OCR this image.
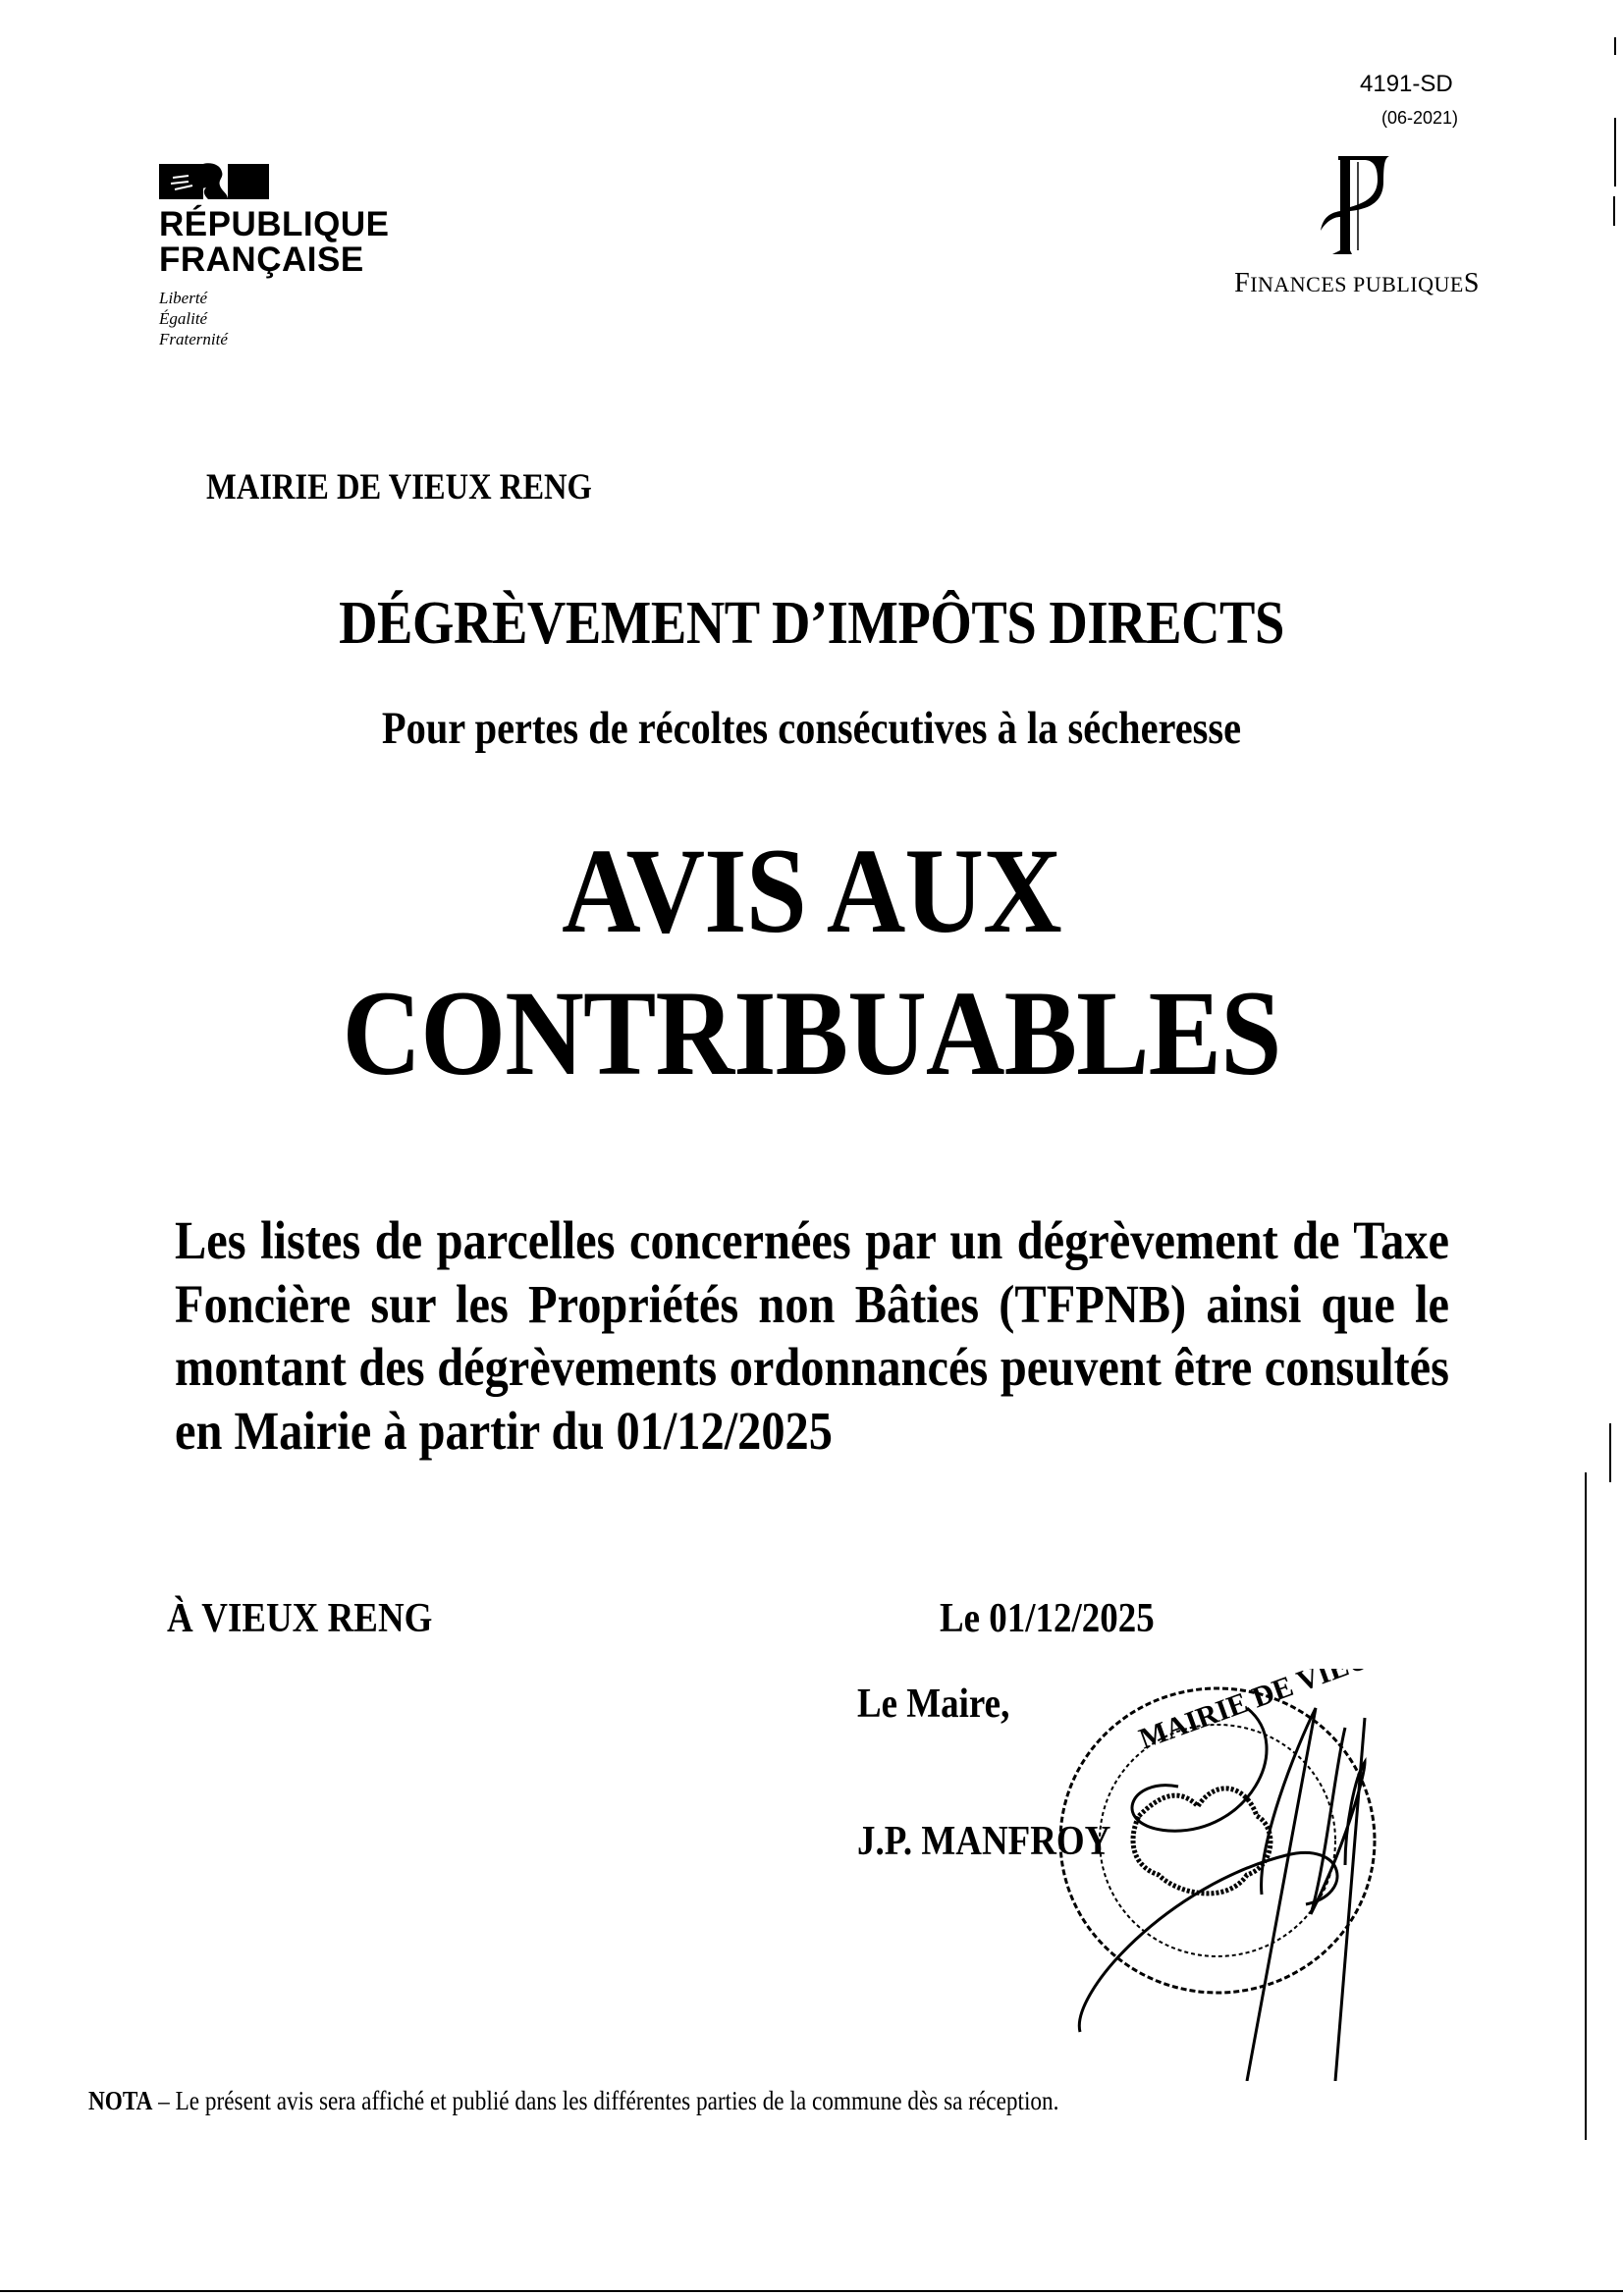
4191-SD
(06-2021)
RÉPUBLIQUE
FRANÇAISE
Liberté
Égalité
Fraternité
FINANCES PUBLIQUES
MAIRIE DE VIEUX RENG
DÉGRÈVEMENT D’IMPÔTS DIRECTS
Pour pertes de récoltes consécutives à la sécheresse
AVIS AUX
CONTRIBUABLES
Les listes de parcelles concernées par un dégrèvement de Taxe Foncière sur les Propriétés non Bâties (TFPNB) ainsi que le montant des dégrèvements ordonnancés peuvent être consultés en Mairie à partir du 01/12/2025
À VIEUX RENG	Le 01/12/2025
Le Maire,
J.P. MANFROY
MAIRIE DE VIEUX
NOTA – Le présent avis sera affiché et publié dans les différentes parties de la commune dès sa réception.
